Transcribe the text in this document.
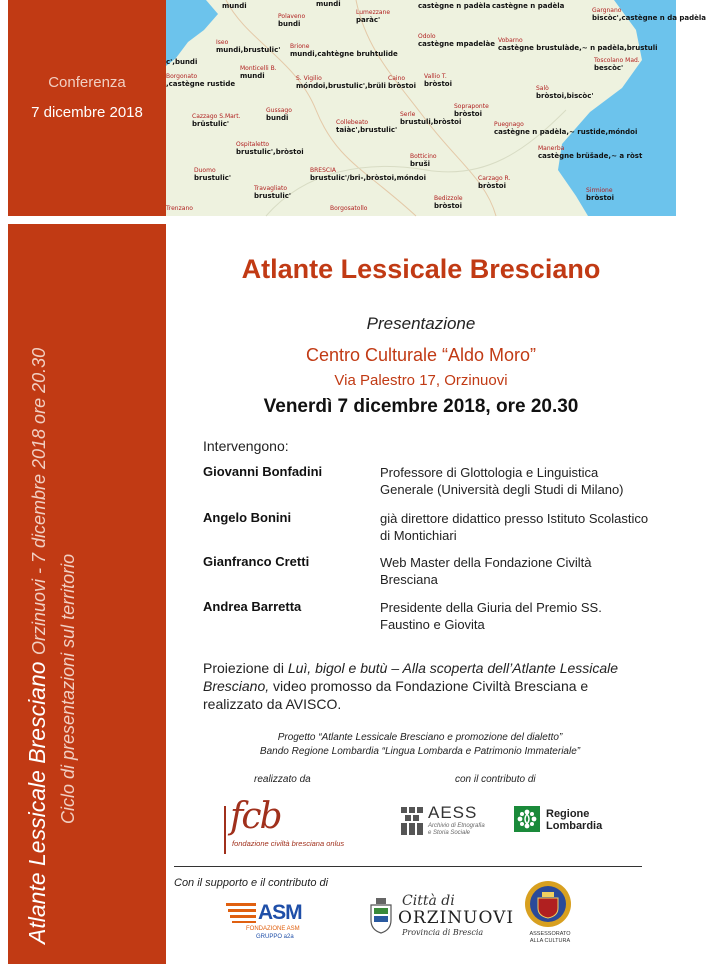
Conferenza
7 dicembre 2018
mundi
Polaveno
bundi
mundi
Lumezzane
paràc'
castègne n padèla castègne n padèla
Gargnano
biscòc',castègne n da padèla
Iseo
mundi,brustulic' Brione
mundi,cahtègne bruhtulide
Odolo
castègne mpadelàe Vobarno
castègne brustulàde,~ n padèla,brustuli
Toscolano Mad.
bescòc'
c',bundi
Monticelli B.
mundi
Borgonato
,castègne rustide
S. Vigilio
móndoi,brustulic',brüli
Caino
bròstoi
Vallio T.
bròstoi
Salò
bròstoi,biscòc'
Cazzago S.Mart.
brüstulic'
Gussago
bundi
Collebeato
taiàc',brustulic'
Serle
brustuli,bròstoi
Sopraponte
bròstoi
Puegnago
castègne n padèla,~ rustide,móndoi
Ospitaletto
brustulic',bròstoi
Botticino
bruši
Manerba
castègne brüšade,~ a ròst
Duomo
brustulic'
BRESCIA
brustulic'/bri-,bròstoi,móndoi	Carzago R.
bròstoi
Travagliato
brustulic'	Bedizzole
bròstoi
Sirmione
bròstoi
Trenzano	Borgosatollo
Atlante Lessicale Bresciano Orzinuovi - 7 dicembre 2018 ore 20.30
Ciclo di presentazioni sul territorio
Atlante Lessicale Bresciano
Presentazione
Centro Culturale “Aldo Moro”
Via Palestro 17, Orzinuovi
Venerdì 7 dicembre 2018, ore 20.30
Intervengono:
Giovanni Bonfadini	Professore di Glottologia e Linguistica Generale (Università degli Studi di Milano)
Angelo Bonini	già direttore didattico presso Istituto Scolastico di Montichiari
Gianfranco Cretti	Web Master della Fondazione Civiltà Bresciana
Andrea Barretta	Presidente della Giuria del Premio SS. Faustino e Giovita
Proiezione di Luì, bigol e butù – Alla scoperta dell’Atlante Lessicale Bresciano, video promosso da Fondazione Civiltà Bresciana e realizzato da AVISCO.
Progetto “Atlante Lessicale Bresciano e promozione del dialetto”
Bando Regione Lombardia “Lingua Lombarda e Patrimonio Immateriale”
realizzato da	con il contributo di
fcb
fondazione civiltà bresciana onlus
AESS
Archivio di Etnografia
e Storia Sociale
Regione
Lombardia
Con il supporto e il contributo di
ASM
FONDAZIONE ASM
GRUPPO a2a
Città di
ORZINUOVI
Provincia di Brescia	ASSESSORATO
ALLA CULTURA
